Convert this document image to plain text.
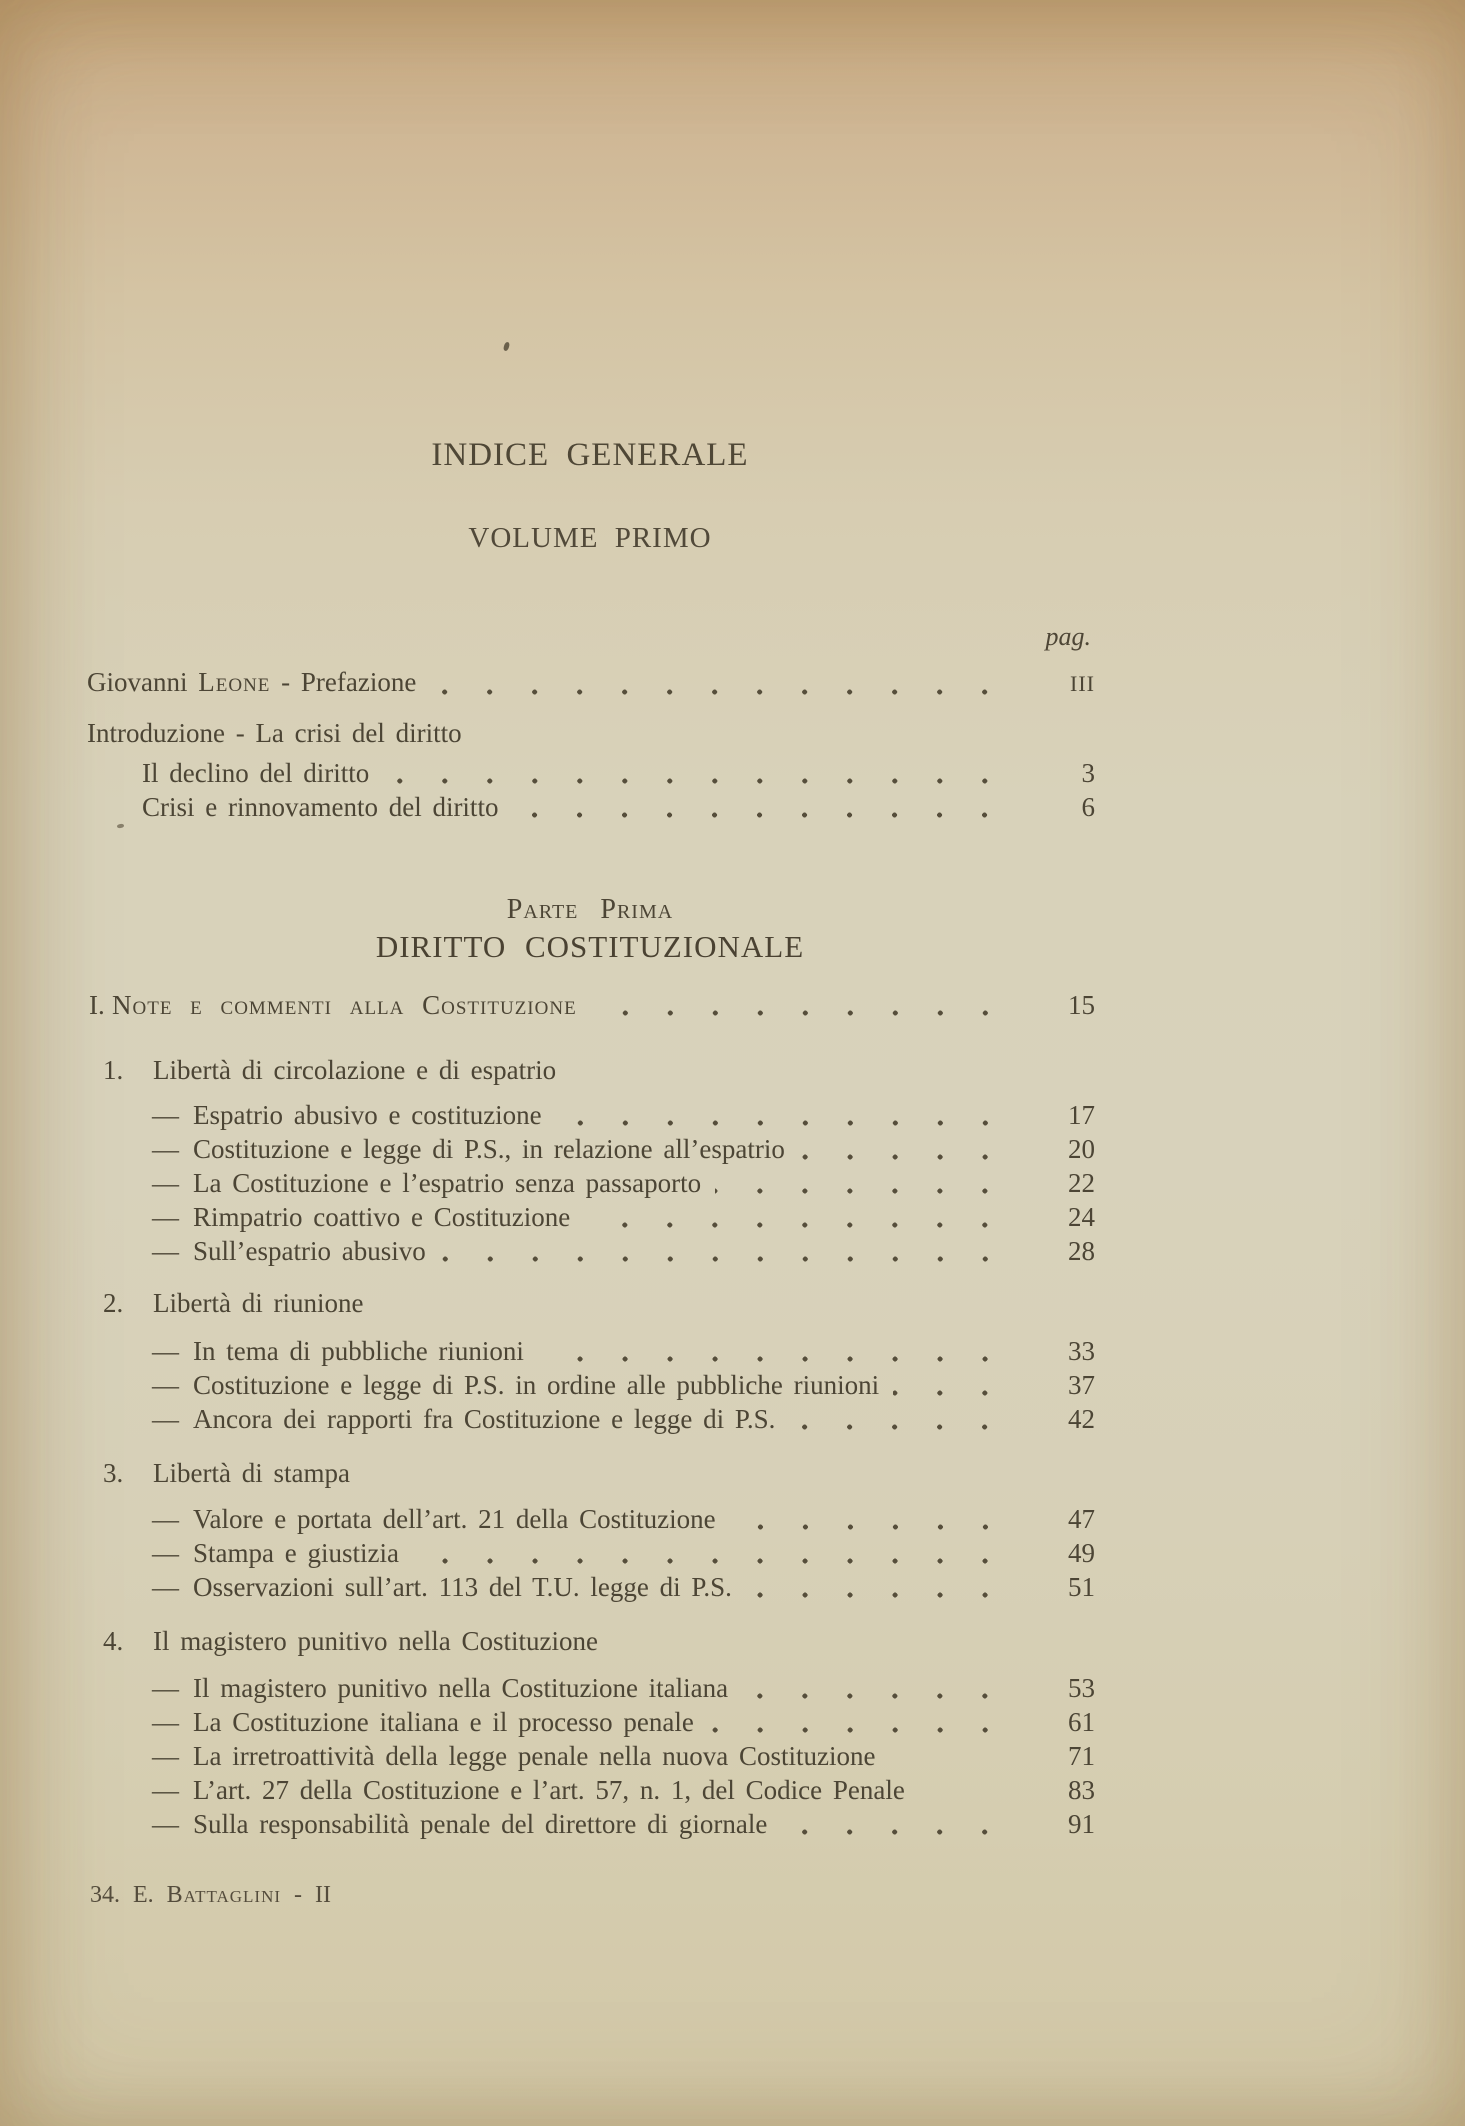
INDICE GENERALE
VOLUME PRIMO
pag.
Giovanni Leone - Prefazione	III
Introduzione - La crisi del diritto
Il declino del diritto	3
Crisi e rinnovamento del diritto	6
Parte Prima
DIRITTO COSTITUZIONALE
I. Note e commenti alla Costituzione	15
1.	Libertà di circolazione e di espatrio
— Espatrio abusivo e costituzione	17
— Costituzione e legge di P.S., in relazione all’espatrio	20
— La Costituzione e l’espatrio senza passaporto	22
— Rimpatrio coattivo e Costituzione	24
— Sull’espatrio abusivo	28
2.	Libertà di riunione
— In tema di pubbliche riunioni	33
— Costituzione e legge di P.S. in ordine alle pubbliche riunioni	37
— Ancora dei rapporti fra Costituzione e legge di P.S.	42
3.	Libertà di stampa
— Valore e portata dell’art. 21 della Costituzione	47
— Stampa e giustizia	49
— Osservazioni sull’art. 113 del T.U. legge di P.S.	51
4.	Il magistero punitivo nella Costituzione
— Il magistero punitivo nella Costituzione italiana	53
— La Costituzione italiana e il processo penale	61
— La irretroattività della legge penale nella nuova Costituzione	71
— L’art. 27 della Costituzione e l’art. 57, n. 1, del Codice Penale	83
— Sulla responsabilità penale del direttore di giornale	91
34. E. Battaglini - II
